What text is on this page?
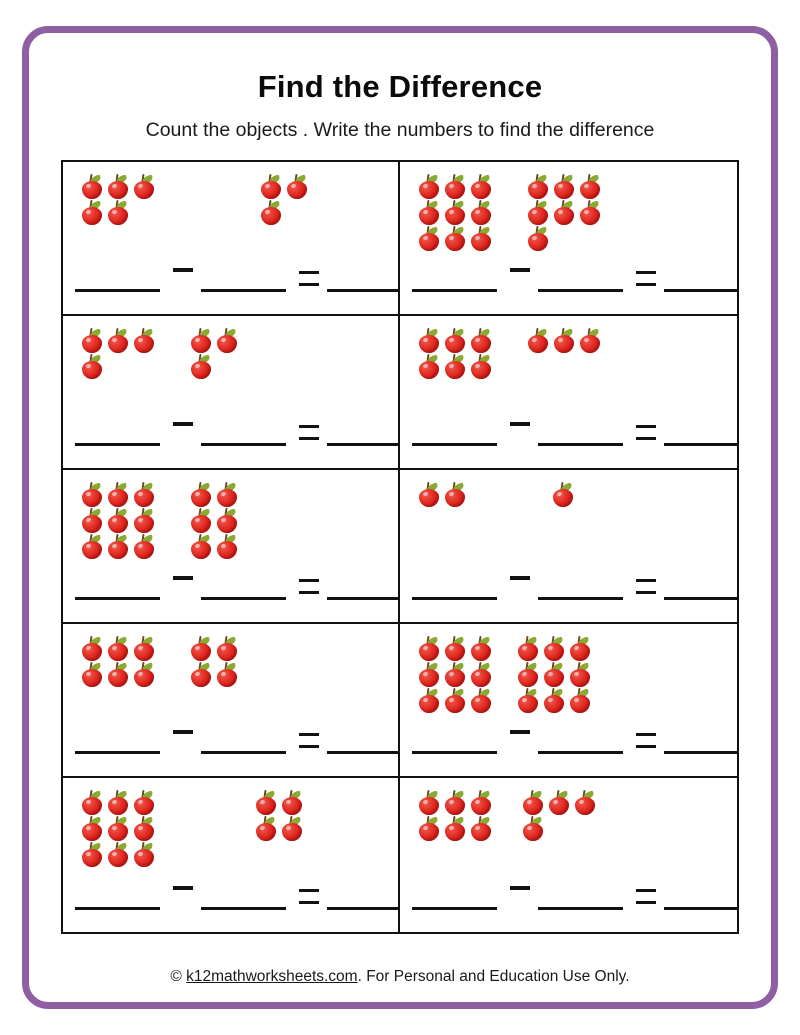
Find the Difference
Count the objects . Write the numbers to find the difference
© k12mathworksheets.com. For Personal and Education Use Only.
